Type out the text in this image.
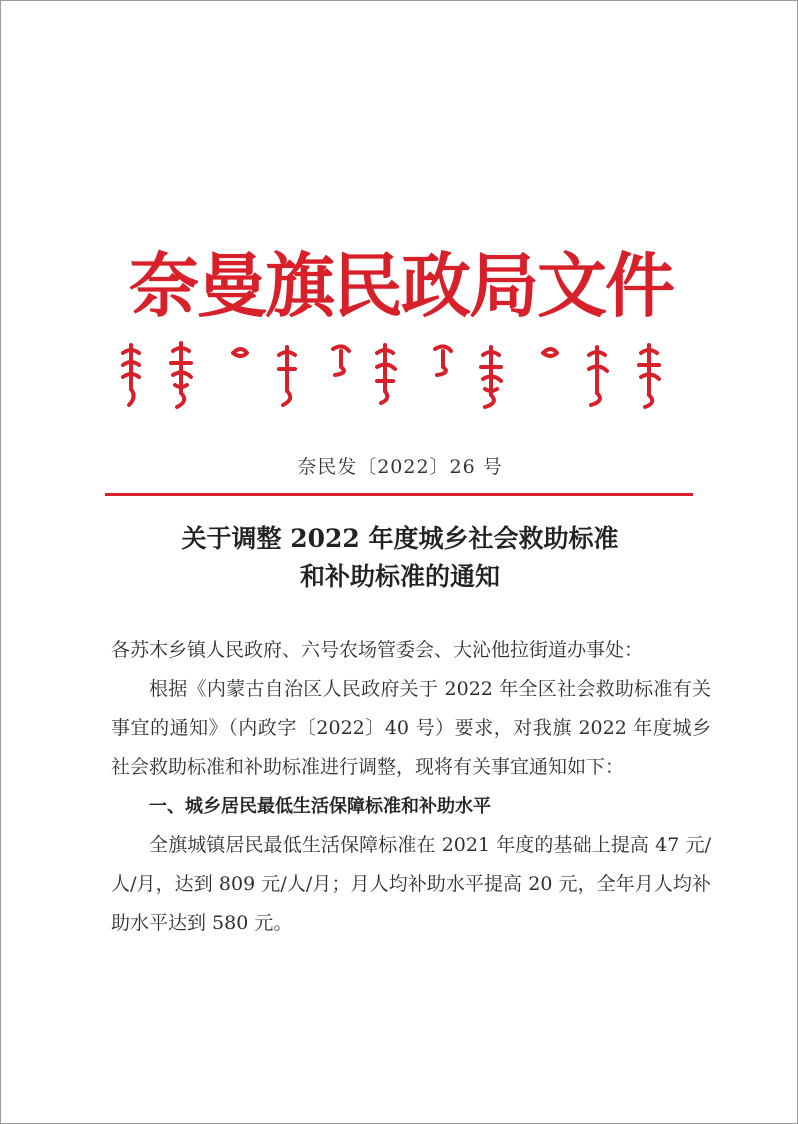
奈曼旗民政局文件
奈民发〔2022〕26 号
关于调整 2022 年度城乡社会救助标准
和补助标准的通知

各苏木乡镇人民政府、六号农场管委会、大沁他拉街道办事处：

根据《内蒙古自治区人民政府关于 2022 年全区社会救助标准有关事宜的通知》（内政字〔2022〕40 号）要求，对我旗 2022 年度城乡社会救助标准和补助标准进行调整，现将有关事宜通知如下：

一、城乡居民最低生活保障标准和补助水平

全旗城镇居民最低生活保障标准在 2021 年度的基础上提高 47 元/人/月，达到 809 元/人/月；月人均补助水平提高 20 元，全年月人均补助水平达到 580 元。
